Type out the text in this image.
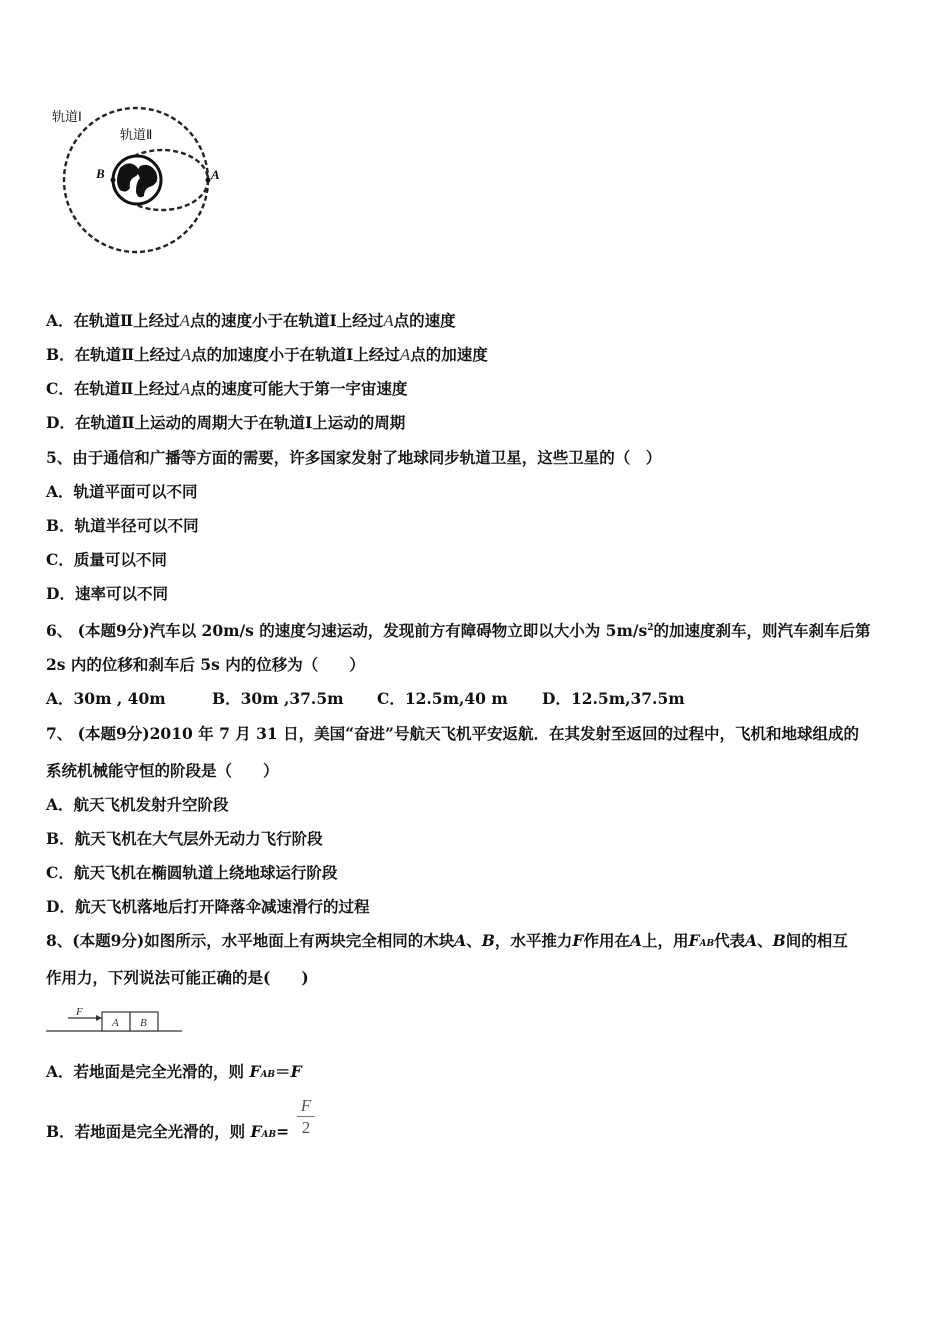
轨道Ⅰ
轨道Ⅱ
A
B
A．在轨道Ⅱ上经过A点的速度小于在轨道Ⅰ上经过A点的速度
B．在轨道Ⅱ上经过A点的加速度小于在轨道Ⅰ上经过A点的加速度
C．在轨道Ⅱ上经过A点的速度可能大于第一宇宙速度
D．在轨道Ⅱ上运动的周期大于在轨道Ⅰ上运动的周期
5、由于通信和广播等方面的需要，许多国家发射了地球同步轨道卫星，这些卫星的（　）
A．轨道平面可以不同
B．轨道半径可以不同
C．质量可以不同
D．速率可以不同
6、 (本题9分)汽车以 20m/s 的速度匀速运动，发现前方有障碍物立即以大小为 $5m/s^2$的加速度刹车，则汽车刹车后第
2s 内的位移和刹车后 5s 内的位移为（　　）
A．30m , 40m	B．30m ,37.5m C．12.5m,40 m D．12.5m,37.5m
7、 (本题9分)2010 年 7 月 31 日，美国“奋进”号航天飞机平安返航．在其发射至返回的过程中，飞机和地球组成的
系统机械能守恒的阶段是（　　）
A．航天飞机发射升空阶段
B．航天飞机在大气层外无动力飞行阶段
C．航天飞机在椭圆轨道上绕地球运行阶段
D．航天飞机落地后打开降落伞减速滑行的过程
8、(本题9分)如图所示，水平地面上有两块完全相同的木块A、B，水平推力F作用在A上，用FAB代表A、B间的相互
作用力，下列说法可能正确的是(　　)
F
A B
A．若地面是完全光滑的，则 FAB＝F
B．若地面是完全光滑的，则 FAB=
F
2
